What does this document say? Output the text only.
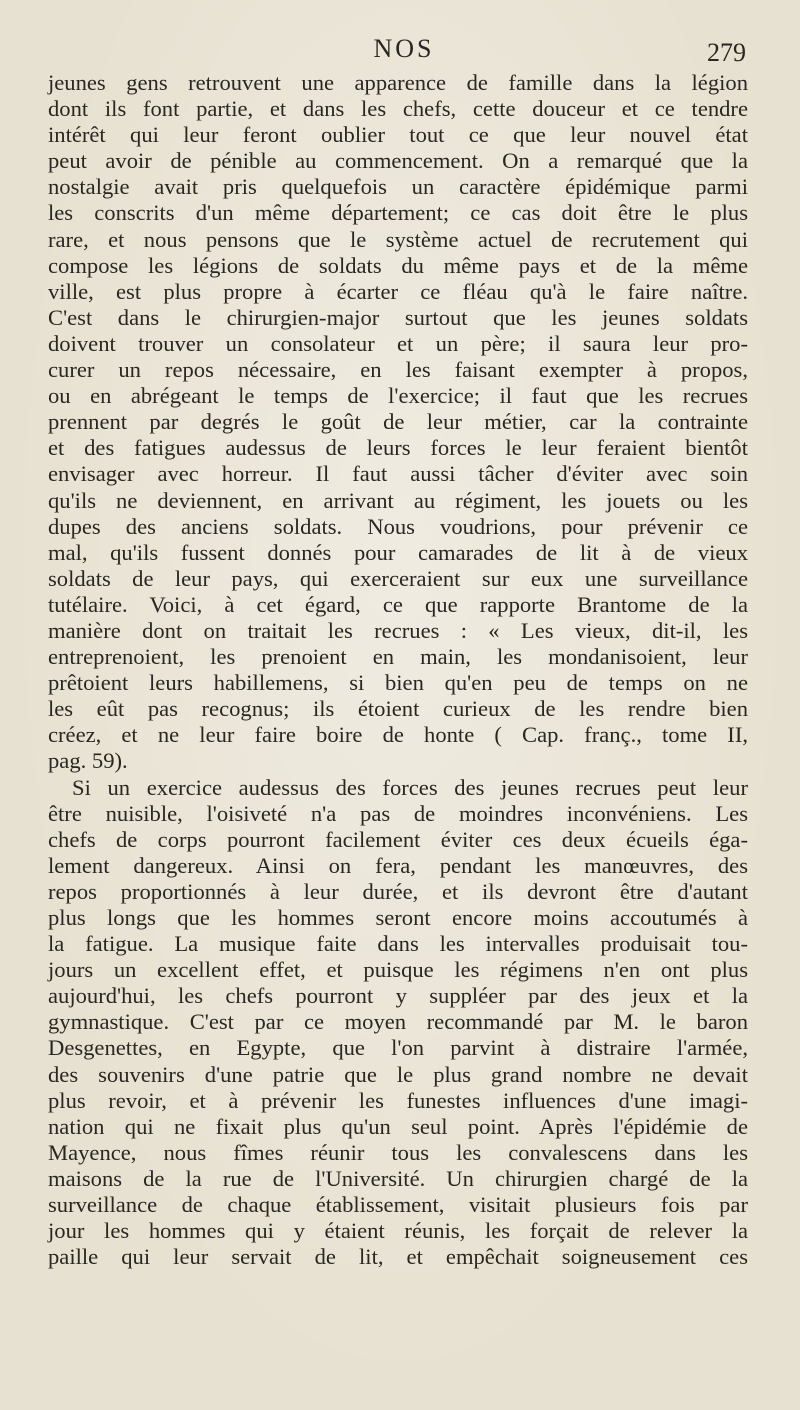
NOS	279
jeunes gens retrouvent une apparence de famille dans la légion
dont ils font partie, et dans les chefs, cette douceur et ce tendre
intérêt qui leur feront oublier tout ce que leur nouvel état
peut avoir de pénible au commencement. On a remarqué que la
nostalgie avait pris quelquefois un caractère épidémique parmi
les conscrits d'un même département; ce cas doit être le plus
rare, et nous pensons que le système actuel de recrutement qui
compose les légions de soldats du même pays et de la même
ville, est plus propre à écarter ce fléau qu'à le faire naître.
C'est dans le chirurgien-major surtout que les jeunes soldats
doivent trouver un consolateur et un père; il saura leur pro-
curer un repos nécessaire, en les faisant exempter à propos,
ou en abrégeant le temps de l'exercice; il faut que les recrues
prennent par degrés le goût de leur métier, car la contrainte
et des fatigues audessus de leurs forces le leur feraient bientôt
envisager avec horreur. Il faut aussi tâcher d'éviter avec soin
qu'ils ne deviennent, en arrivant au régiment, les jouets ou les
dupes des anciens soldats. Nous voudrions, pour prévenir ce
mal, qu'ils fussent donnés pour camarades de lit à de vieux
soldats de leur pays, qui exerceraient sur eux une surveillance
tutélaire. Voici, à cet égard, ce que rapporte Brantome de la
manière dont on traitait les recrues : « Les vieux, dit-il, les
entreprenoient, les prenoient en main, les mondanisoient, leur
prêtoient leurs habillemens, si bien qu'en peu de temps on ne
les eût pas recognus; ils étoient curieux de les rendre bien
créez, et ne leur faire boire de honte ( Cap. franç., tome II,
pag. 59).
Si un exercice audessus des forces des jeunes recrues peut leur
être nuisible, l'oisiveté n'a pas de moindres inconvéniens. Les
chefs de corps pourront facilement éviter ces deux écueils éga-
lement dangereux. Ainsi on fera, pendant les manœuvres, des
repos proportionnés à leur durée, et ils devront être d'autant
plus longs que les hommes seront encore moins accoutumés à
la fatigue. La musique faite dans les intervalles produisait tou-
jours un excellent effet, et puisque les régimens n'en ont plus
aujourd'hui, les chefs pourront y suppléer par des jeux et la
gymnastique. C'est par ce moyen recommandé par M. le baron
Desgenettes, en Egypte, que l'on parvint à distraire l'armée,
des souvenirs d'une patrie que le plus grand nombre ne devait
plus revoir, et à prévenir les funestes influences d'une imagi-
nation qui ne fixait plus qu'un seul point. Après l'épidémie de
Mayence, nous fîmes réunir tous les convalescens dans les
maisons de la rue de l'Université. Un chirurgien chargé de la
surveillance de chaque établissement, visitait plusieurs fois par
jour les hommes qui y étaient réunis, les forçait de relever la
paille qui leur servait de lit, et empêchait soigneusement ces
